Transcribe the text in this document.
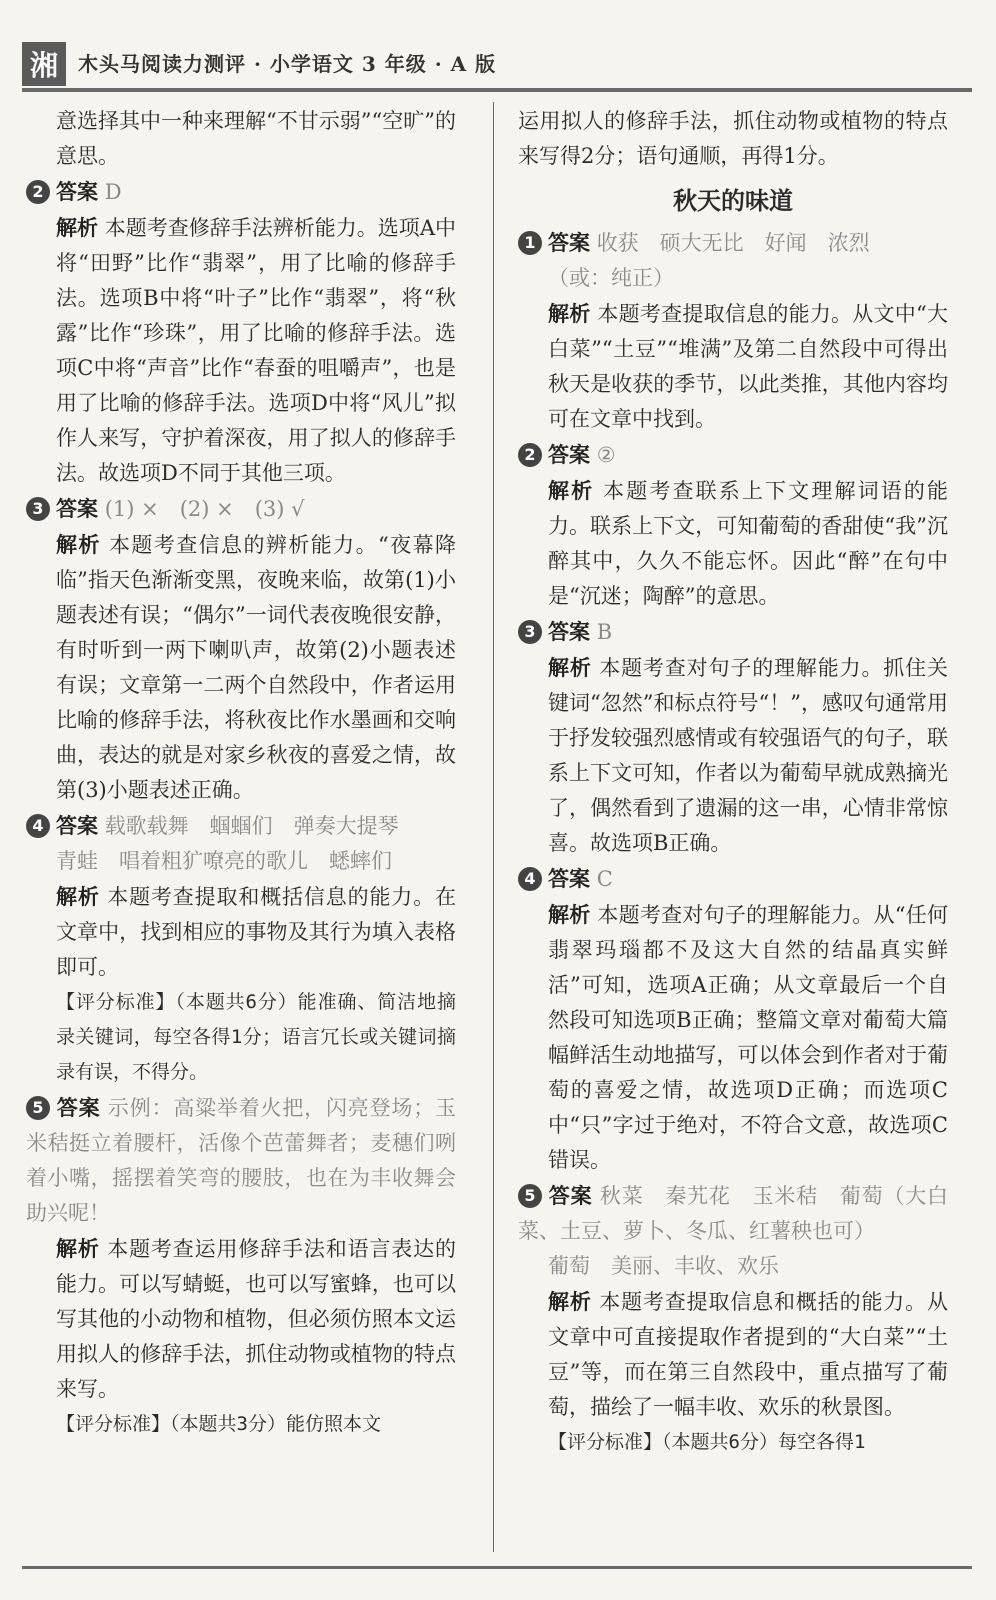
湘	木头马阅读力测评 · 小学语文 3 年级 · A 版

意选择其中一种来理解“不甘示弱”“空旷”的意思。

2 答案 D

解析 本题考查修辞手法辨析能力。选项A中将“田野”比作“翡翠”，用了比喻的修辞手法。选项B中将“叶子”比作“翡翠”，将“秋露”比作“珍珠”，用了比喻的修辞手法。选项C中将“声音”比作“春蚕的咀嚼声”，也是用了比喻的修辞手法。选项D中将“风儿”拟作人来写，守护着深夜，用了拟人的修辞手法。故选项D不同于其他三项。

3 答案 (1) ×　(2) ×　(3) √

解析 本题考查信息的辨析能力。“夜幕降临”指天色渐渐变黑，夜晚来临，故第(1)小题表述有误；“偶尔”一词代表夜晚很安静，有时听到一两下喇叭声，故第(2)小题表述有误；文章第一二两个自然段中，作者运用比喻的修辞手法，将秋夜比作水墨画和交响曲，表达的就是对家乡秋夜的喜爱之情，故第(3)小题表述正确。

4 答案 载歌载舞　蝈蝈们　弹奏大提琴

青蛙　唱着粗犷嘹亮的歌儿　蟋蟀们

解析 本题考查提取和概括信息的能力。在文章中，找到相应的事物及其行为填入表格即可。

【评分标准】（本题共6分）能准确、简洁地摘录关键词，每空各得1分；语言冗长或关键词摘录有误，不得分。

5 答案 示例：高粱举着火把，闪亮登场；玉米秸挺立着腰杆，活像个芭蕾舞者；麦穗们咧着小嘴，摇摆着笑弯的腰肢，也在为丰收舞会助兴呢！

解析 本题考查运用修辞手法和语言表达的能力。可以写蜻蜓，也可以写蜜蜂，也可以写其他的小动物和植物，但必须仿照本文运用拟人的修辞手法，抓住动物或植物的特点来写。

【评分标准】（本题共3分）能仿照本文

运用拟人的修辞手法，抓住动物或植物的特点来写得2分；语句通顺，再得1分。

秋天的味道

1 答案 收获　硕大无比　好闻　浓烈

（或：纯正）

解析 本题考查提取信息的能力。从文中“大白菜”“土豆”“堆满”及第二自然段中可得出秋天是收获的季节，以此类推，其他内容均可在文章中找到。

2 答案 ②

解析 本题考查联系上下文理解词语的能力。联系上下文，可知葡萄的香甜使“我”沉醉其中，久久不能忘怀。因此“醉”在句中是“沉迷；陶醉”的意思。

3 答案 B

解析 本题考查对句子的理解能力。抓住关键词“忽然”和标点符号“！”，感叹句通常用于抒发较强烈感情或有较强语气的句子，联系上下文可知，作者以为葡萄早就成熟摘光了，偶然看到了遗漏的这一串，心情非常惊喜。故选项B正确。

4 答案 C

解析 本题考查对句子的理解能力。从“任何翡翠玛瑙都不及这大自然的结晶真实鲜活”可知，选项A正确；从文章最后一个自然段可知选项B正确；整篇文章对葡萄大篇幅鲜活生动地描写，可以体会到作者对于葡萄的喜爱之情，故选项D正确；而选项C中“只”字过于绝对，不符合文意，故选项C错误。

5 答案 秋菜　秦艽花　玉米秸　葡萄（大白菜、土豆、萝卜、冬瓜、红薯秧也可）

葡萄　美丽、丰收、欢乐

解析 本题考查提取信息和概括的能力。从文章中可直接提取作者提到的“大白菜”“土豆”等，而在第三自然段中，重点描写了葡萄，描绘了一幅丰收、欢乐的秋景图。

【评分标准】（本题共6分）每空各得1
